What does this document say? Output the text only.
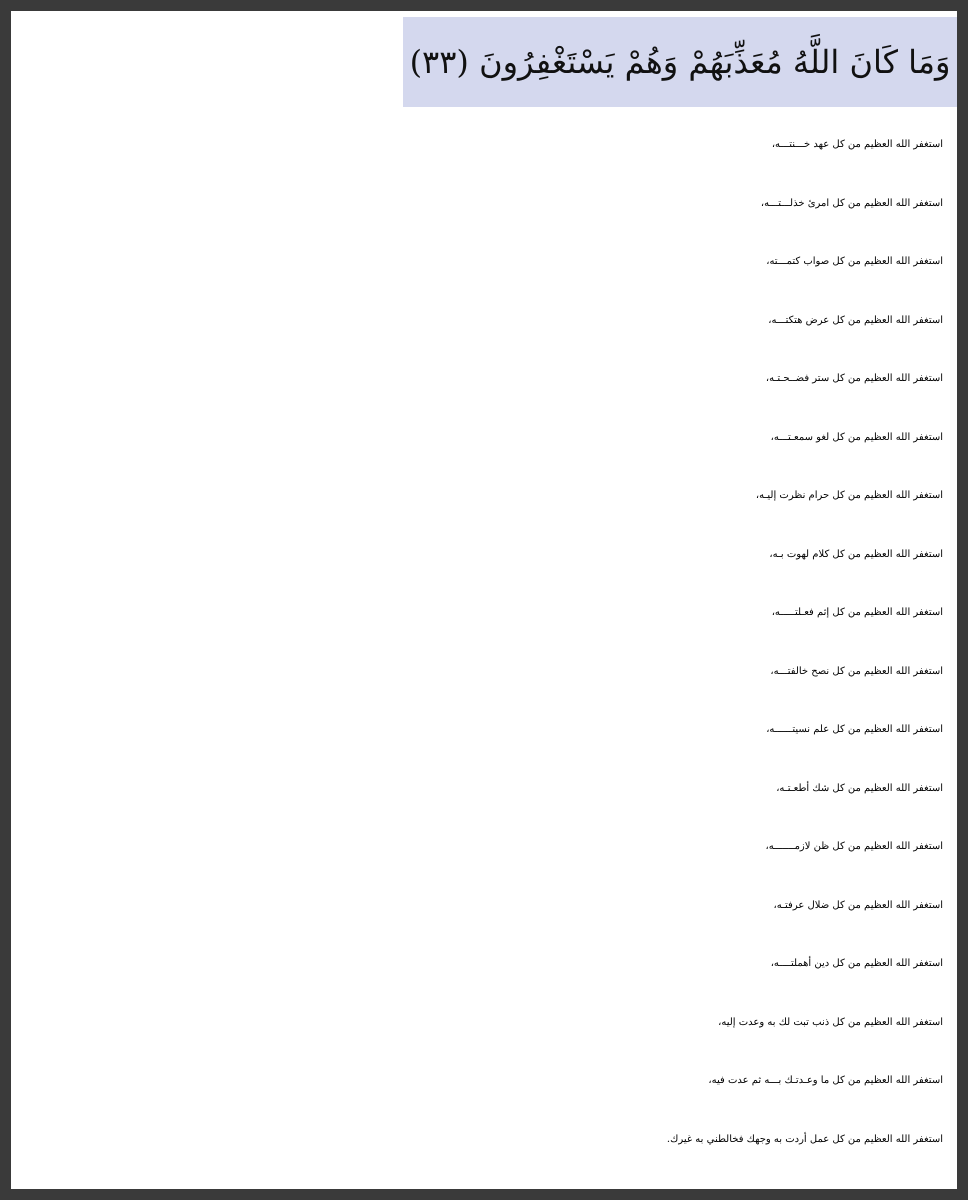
وَمَا كَانَ اللَّهُ مُعَذِّبَهُمْ وَهُمْ يَسْتَغْفِرُونَ (٣٣)
استغفر الله العظيم من كل عهد خـــنتـــه،
استغفر الله العظيم من كل امرئ خذلـــتـــه،
استغفر الله العظيم من كل صواب كتمـــته،
استغفر الله العظيم من كل عرض هتكتـــه،
استغفر الله العظيم من كل ستر فضــحـتـه،
استغفر الله العظيم من كل لغو سمعـتـــه،
استغفر الله العظيم من كل حرام نظرت إليـه،
استغفر الله العظيم من كل كلام لهوت بـه،
استغفر الله العظيم من كل إثم فعـلتـــــه،
استغفر الله العظيم من كل نصح خالفتـــه،
استغفر الله العظيم من كل علم نسيتــــــه،
استغفر الله العظيم من كل شك أطعـتـه،
استغفر الله العظيم من كل ظن لازمـــــــه،
استغفر الله العظيم من كل ضلال عرفتـه،
استغفر الله العظيم من كل دين أهملتــــه،
استغفر الله العظيم من كل ذنب تبت لك به وعدت إليه،
استغفر الله العظيم من كل ما وعـدتـك بـــه ثم عدت فيه،
استغفر الله العظيم من كل عمل أردت به وجهك فخالطني به غيرك.
